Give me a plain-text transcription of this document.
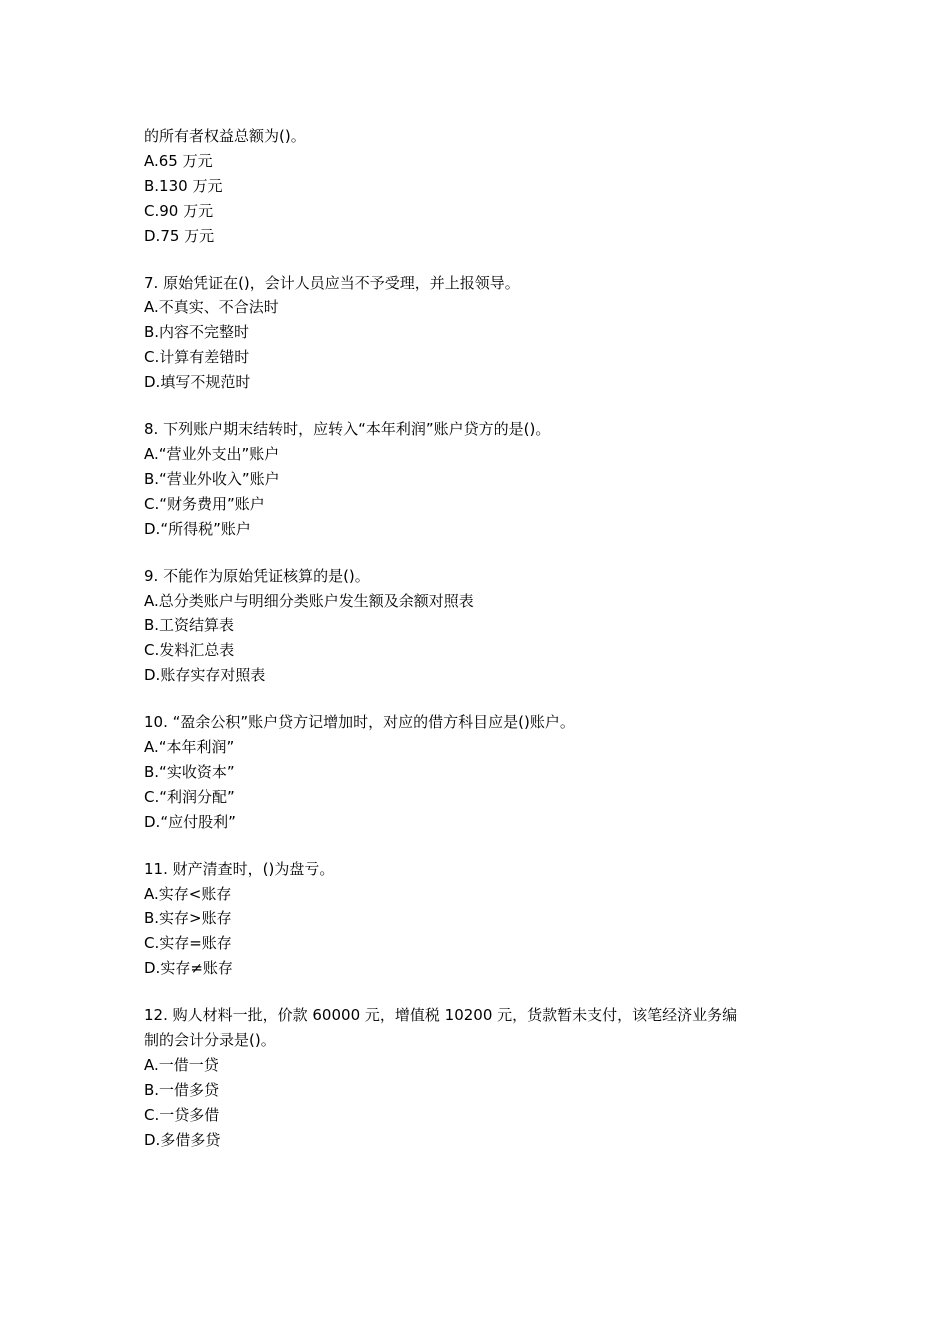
的所有者权益总额为()。
A.65 万元
B.130 万元
C.90 万元
D.75 万元
7. 原始凭证在()，会计人员应当不予受理，并上报领导。
A.不真实、不合法时
B.内容不完整时
C.计算有差错时
D.填写不规范时
8. 下列账户期末结转时，应转入“本年利润”账户贷方的是()。
A.“营业外支出”账户
B.“营业外收入”账户
C.“财务费用”账户
D.“所得税”账户
9. 不能作为原始凭证核算的是()。
A.总分类账户与明细分类账户发生额及余额对照表
B.工资结算表
C.发料汇总表
D.账存实存对照表
10. “盈余公积”账户贷方记增加时，对应的借方科目应是()账户。
A.“本年利润”
B.“实收资本”
C.“利润分配”
D.“应付股利”
11. 财产清查时，()为盘亏。
A.实存<账存
B.实存>账存
C.实存=账存
D.实存≠账存
12. 购人材料一批，价款 60000 元，增值税 10200 元，货款暂未支付，该笔经济业务编
制的会计分录是()。
A.一借一贷
B.一借多贷
C.一贷多借
D.多借多贷
